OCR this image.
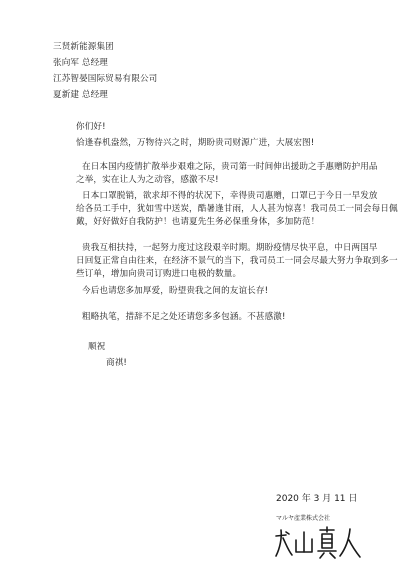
三贤新能源集团
张向军 总经理
江苏智晏国际贸易有限公司
夏新建 总经理
你们好!
恰逢春机盎然，万物待兴之时，期盼贵司财源广进，大展宏图!
在日本国内疫情扩散举步艰难之际，贵司第一时间伸出援助之手惠赠防护用品
之举，实在让人为之动容，感激不尽!
日本口罩脱销，欲求却不得的状况下，幸得贵司惠赠，口罩已于今日一早发放
给各员工手中，犹如雪中送炭，酷暑逢甘雨，人人甚为惊喜！我司员工一同会每日佩
戴，好好做好自我防护！也请夏先生务必保重身体，多加防范！
贵我互相扶持，一起努力度过这段艰辛时期。期盼疫情尽快平息，中日两国早
日回复正常自由往来，在经济不景气的当下，我司员工一同会尽最大努力争取到多一
些订单，增加向贵司订购进口电极的数量。
今后也请您多加厚爱，盼望贵我之间的友谊长存!
粗略执笔，措辞不足之处还请您多多包涵。不甚感激!
顺祝
商祺!
2020 年 3 月 11 日
マルヤ產業株式会社
